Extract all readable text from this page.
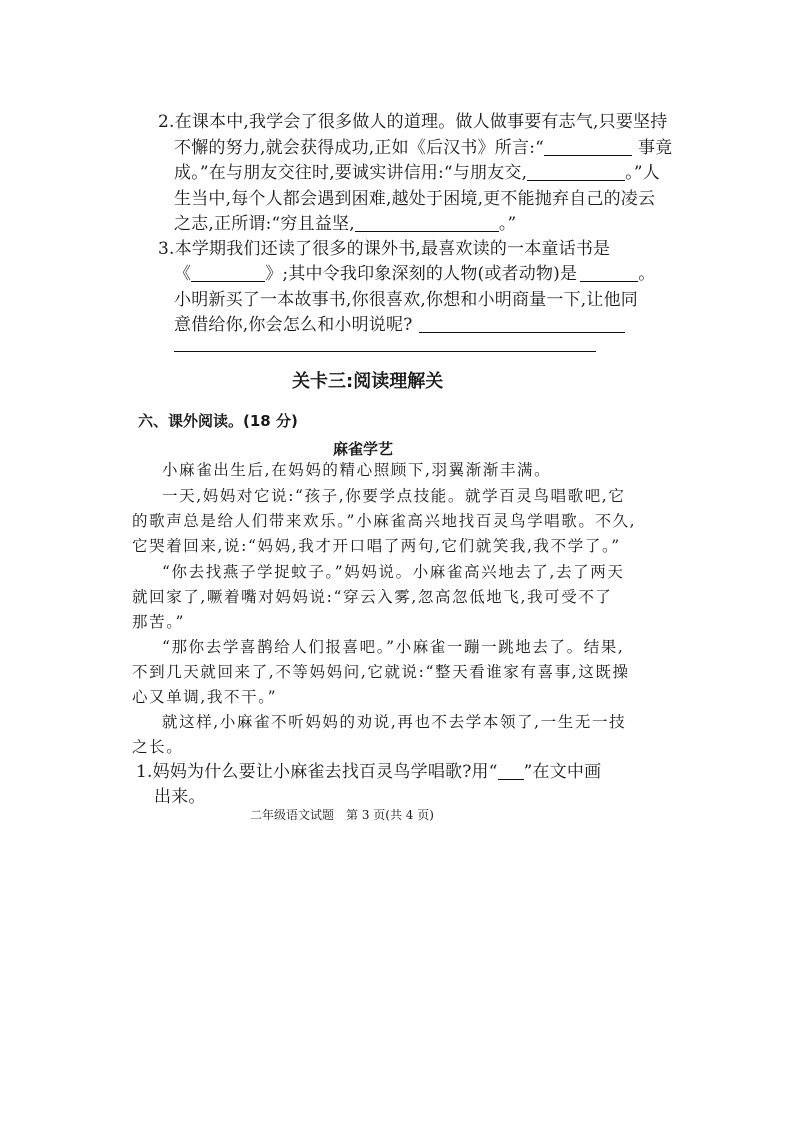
2.在课本中,我学会了很多做人的道理。做人做事要有志气,只要坚持
不懈的努力,就会获得成功,正如《后汉书》所言:“	事竟
成。”在与朋友交往时,要诚实讲信用:“与朋友交,	。”人
生当中,每个人都会遇到困难,越处于困境,更不能抛弃自己的凌云
之志,正所谓:“穷且益坚,	。”
3.本学期我们还读了很多的课外书,最喜欢读的一本童话书是
《	》;其中令我印象深刻的人物(或者动物)是	。
小明新买了一本故事书,你很喜欢,你想和小明商量一下,让他同
意借给你,你会怎么和小明说呢?
关卡三:阅读理解关
六、课外阅读。(18 分)
麻雀学艺
小麻雀出生后,在妈妈的精心照顾下,羽翼渐渐丰满。
一天,妈妈对它说:“孩子,你要学点技能。就学百灵鸟唱歌吧,它
的歌声总是给人们带来欢乐。”小麻雀高兴地找百灵鸟学唱歌。不久,
它哭着回来,说:“妈妈,我才开口唱了两句,它们就笑我,我不学了。”
“你去找燕子学捉蚊子。”妈妈说。小麻雀高兴地去了,去了两天
就回家了,噘着嘴对妈妈说:“穿云入雾,忽高忽低地飞,我可受不了
那苦。”
“那你去学喜鹊给人们报喜吧。”小麻雀一蹦一跳地去了。结果,
不到几天就回来了,不等妈妈问,它就说:“整天看谁家有喜事,这既操
心又单调,我不干。”
就这样,小麻雀不听妈妈的劝说,再也不去学本领了,一生无一技
之长。
1.妈妈为什么要让小麻雀去找百灵鸟学唱歌?用“ ”在文中画
出来。
二年级语文试题　第 3 页(共 4 页)
